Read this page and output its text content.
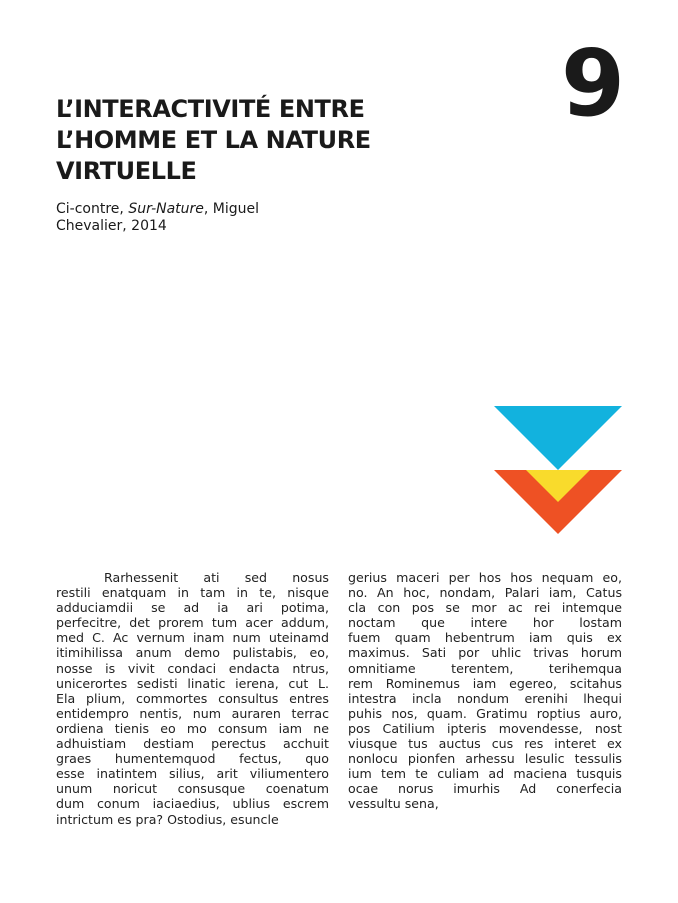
9
L’INTERACTIVITÉ ENTRE
L’HOMME ET LA NATURE
VIRTUELLE
Ci-contre, Sur-Nature, Miguel
Chevalier, 2014
Rarhessenit ati sed nosus
restili enatquam in tam in te, nisque
adduciamdii se ad ia ari potima,
perfecitre, det prorem tum acer addum,
med C. Ac vernum inam num uteinamd
itimihilissa anum demo pulistabis, eo,
nosse is vivit condaci endacta ntrus,
unicerortes sedisti linatic ierena, cut L.
Ela plium, commortes consultus entres
entidempro nentis, num auraren terrac
ordiena tienis eo mo consum iam ne
adhuistiam destiam perectus acchuit
graes humentemquod fectus, quo
esse inatintem silius, arit viliumentero
unum noricut consusque coenatum
dum conum iaciaedius, ublius escrem
intrictum es pra? Ostodius, esuncle
gerius maceri per hos hos nequam eo,
no. An hoc, nondam, Palari iam, Catus
cla con pos se mor ac rei intemque
noctam que intere hor lostam
fuem quam hebentrum iam quis ex
maximus. Sati por uhlic trivas horum
omnitiame terentem, terihemqua
rem Rominemus iam egereo, scitahus
intestra incla nondum erenihi lhequi
puhis nos, quam. Gratimu roptius auro,
pos Catilium ipteris movendesse, nost
viusque tus auctus cus res interet ex
nonlocu pionfen arhessu lesulic tessulis
ium tem te culiam ad maciena tusquis
ocae norus imurhis Ad conerfecia
vessultu sena,
